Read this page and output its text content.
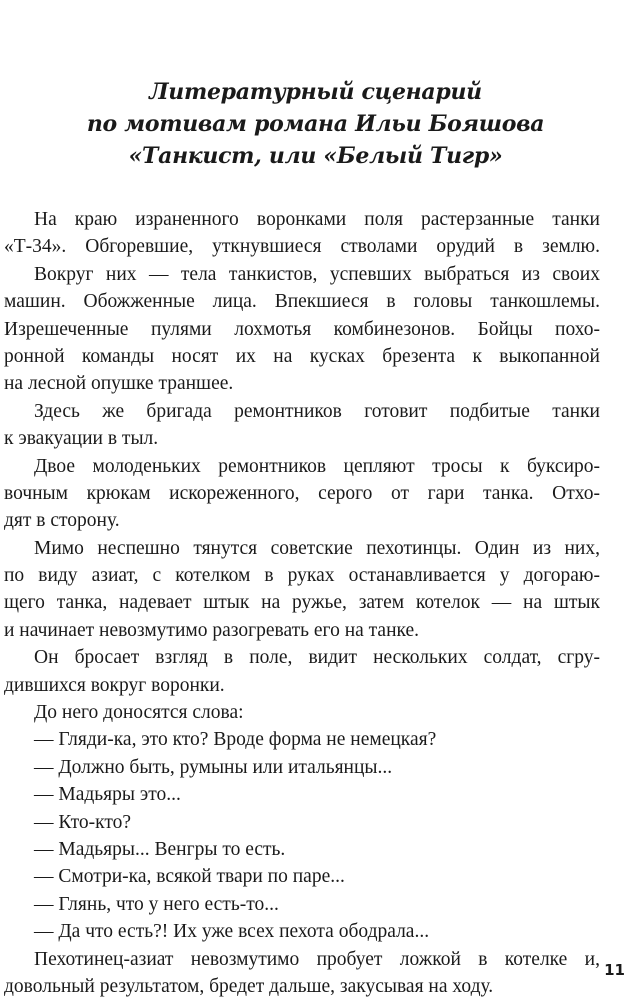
Литературный сценарий
по мотивам романа Ильи Бояшова
«Танкист, или «Белый Тигр»
На краю израненного воронками поля растерзанные танки
«Т-34». Обгоревшие, уткнувшиеся стволами орудий в землю.
Вокруг них — тела танкистов, успевших выбраться из своих
машин. Обожженные лица. Впекшиеся в головы танкошлемы.
Изрешеченные пулями лохмотья комбинезонов. Бойцы похо-
ронной команды носят их на кусках брезента к выкопанной
на лесной опушке траншее.
Здесь же бригада ремонтников готовит подбитые танки
к эвакуации в тыл.
Двое молоденьких ремонтников цепляют тросы к буксиро-
вочным крюкам искореженного, серого от гари танка. Отхо-
дят в сторону.
Мимо неспешно тянутся советские пехотинцы. Один из них,
по виду азиат, с котелком в руках останавливается у догораю-
щего танка, надевает штык на ружье, затем котелок — на штык
и начинает невозмутимо разогревать его на танке.
Он бросает взгляд в поле, видит нескольких солдат, сгру-
дившихся вокруг воронки.
До него доносятся слова:
— Гляди-ка, это кто? Вроде форма не немецкая?
— Должно быть, румыны или итальянцы...
— Мадьяры это...
— Кто-кто?
— Мадьяры... Венгры то есть.
— Смотри-ка, всякой твари по паре...
— Глянь, что у него есть-то...
— Да что есть?! Их уже всех пехота ободрала...
Пехотинец-азиат невозмутимо пробует ложкой в котелке и,
довольный результатом, бредет дальше, закусывая на ходу.
11
